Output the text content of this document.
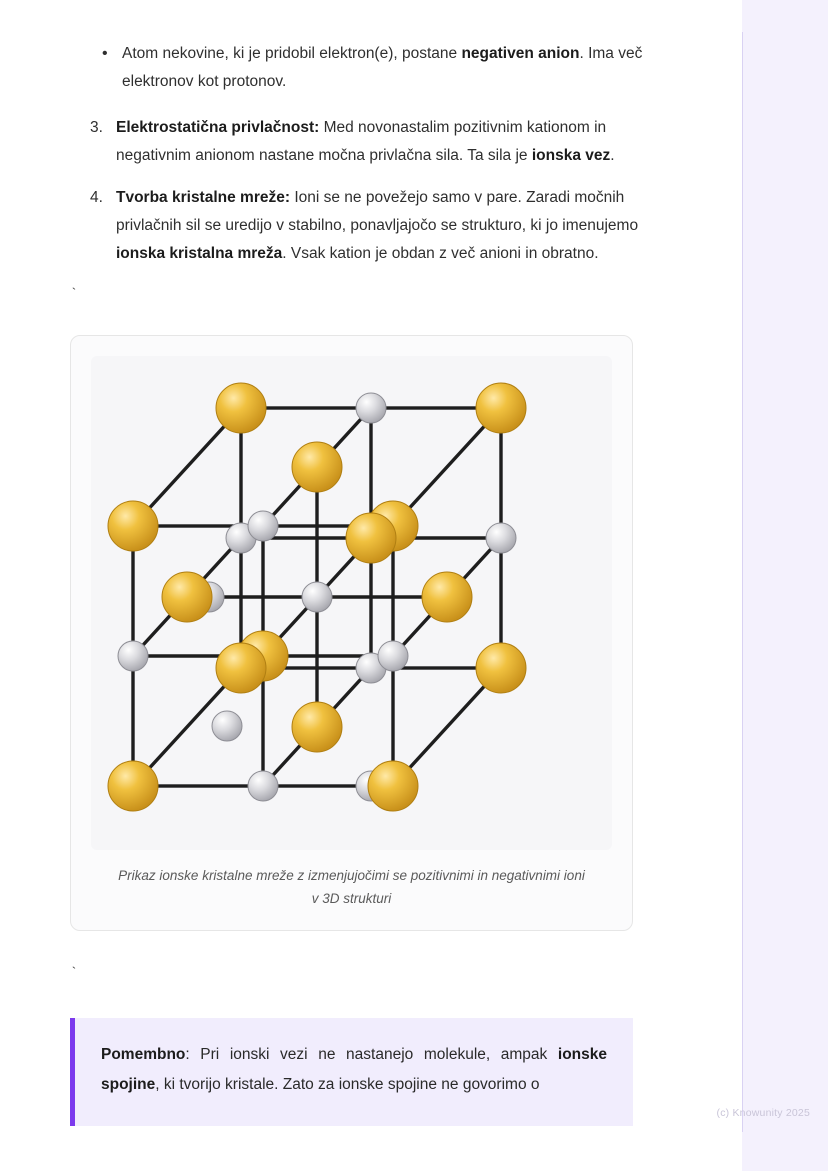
• Atom nekovine, ki je pridobil elektron(e), postane negativen anion. Ima več elektronov kot protonov.
3. Elektrostatična privlačnost: Med novonastalim pozitivnim kationom in negativnim anionom nastane močna privlačna sila. Ta sila je ionska vez.
4. Tvorba kristalne mreže: Ioni se ne povežejo samo v pare. Zaradi močnih privlačnih sil se uredijo v stabilno, ponavljajočo se strukturo, ki jo imenujemo ionska kristalna mreža. Vsak kation je obdan z več anioni in obratno.
`
Prikaz ionske kristalne mreže z izmenjujočimi se pozitivnimi in negativnimi ioni v 3D strukturi
`

Pomembno: Pri ionski vezi ne nastanejo molekule, ampak ionske spojine, ki tvorijo kristale. Zato za ionske spojine ne govorimo o

(c) Knowunity 2025
